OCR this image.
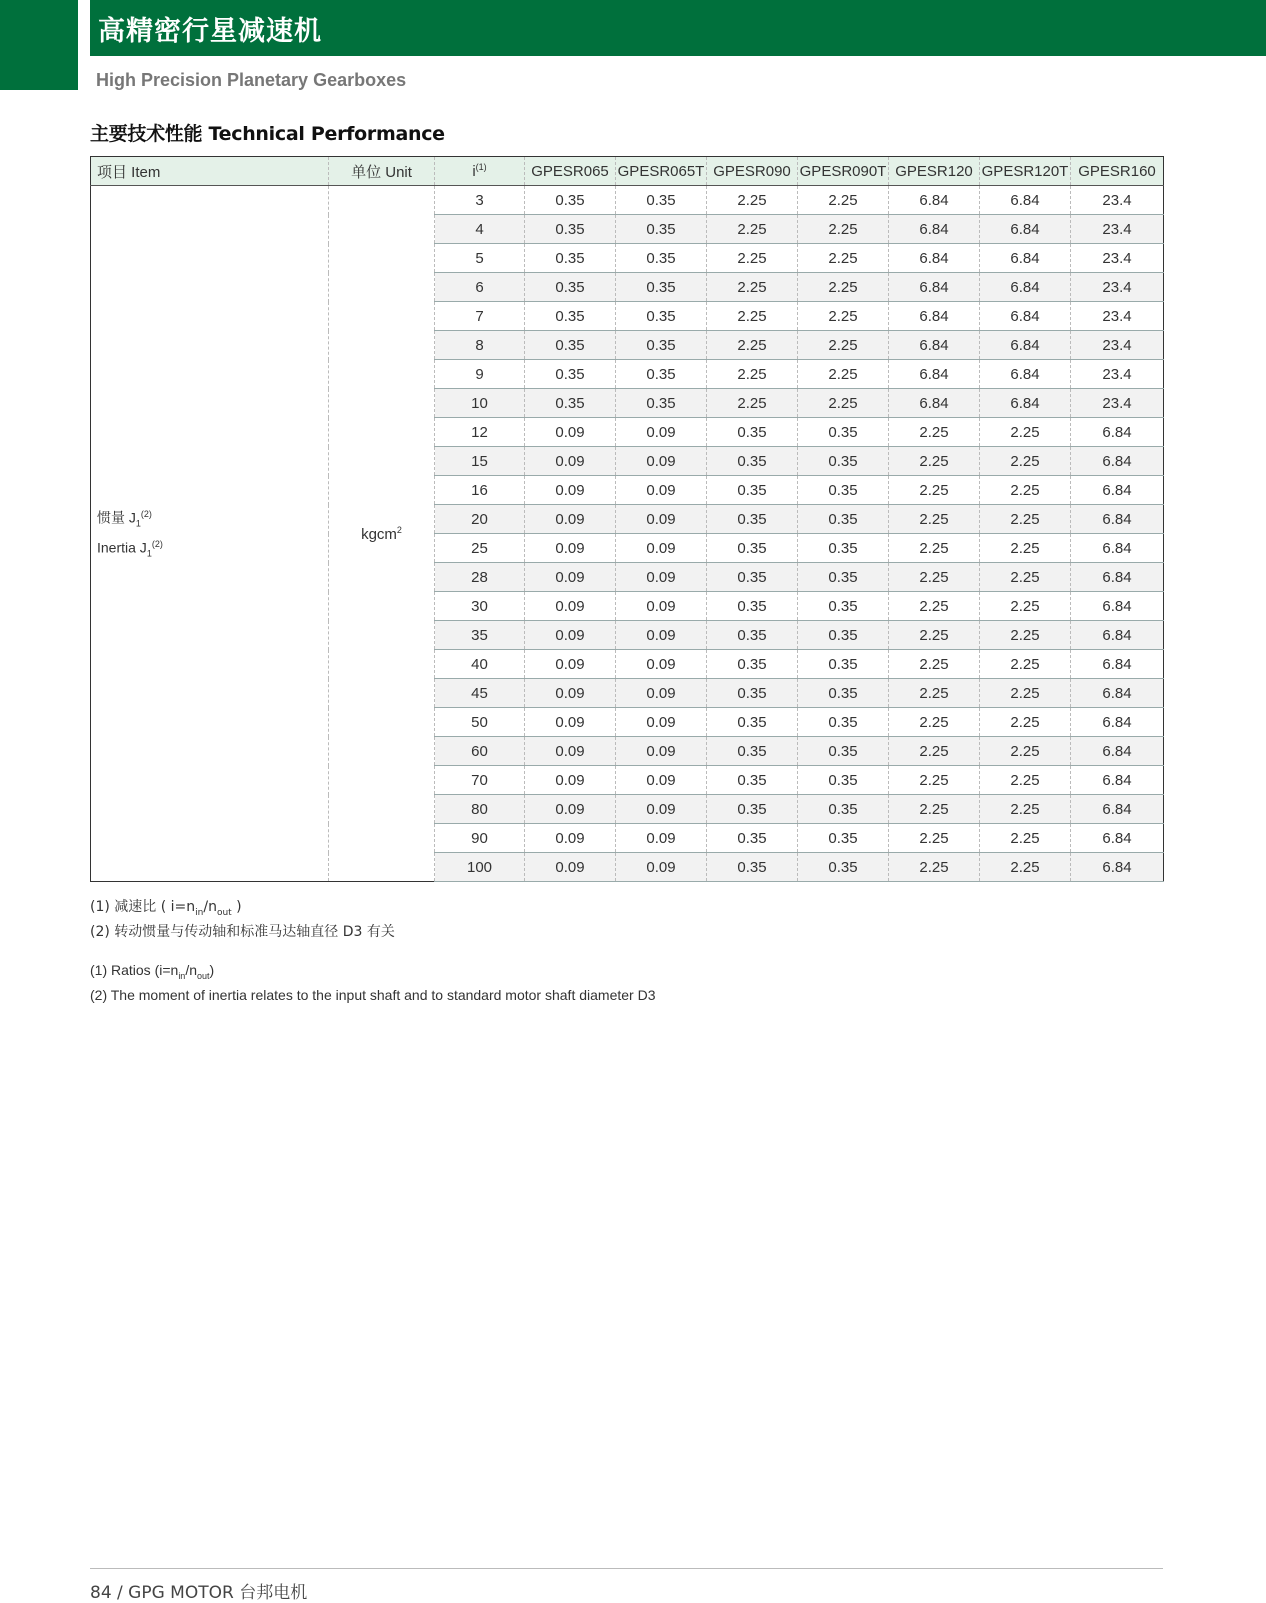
高精密行星减速机
High Precision Planetary Gearboxes
主要技术性能 Technical Performance
项目 Item	单位 Unit	$i^{(1)}$	GPESR065	GPESR065T	GPESR090	GPESR090T	GPESR120	GPESR120T	GPESR160

惯量 $J_1^{(2)}$
Inertia $J_1^{(2)}$	kgcm$^2$	3	0.35	0.35	2.25	2.25	6.84	6.84	23.4
		4	0.35	0.35	2.25	2.25	6.84	6.84	23.4
		5	0.35	0.35	2.25	2.25	6.84	6.84	23.4
		6	0.35	0.35	2.25	2.25	6.84	6.84	23.4
		7	0.35	0.35	2.25	2.25	6.84	6.84	23.4
		8	0.35	0.35	2.25	2.25	6.84	6.84	23.4
		9	0.35	0.35	2.25	2.25	6.84	6.84	23.4
		10	0.35	0.35	2.25	2.25	6.84	6.84	23.4
		12	0.09	0.09	0.35	0.35	2.25	2.25	6.84
		15	0.09	0.09	0.35	0.35	2.25	2.25	6.84
		16	0.09	0.09	0.35	0.35	2.25	2.25	6.84
		20	0.09	0.09	0.35	0.35	2.25	2.25	6.84
		25	0.09	0.09	0.35	0.35	2.25	2.25	6.84
		28	0.09	0.09	0.35	0.35	2.25	2.25	6.84
		30	0.09	0.09	0.35	0.35	2.25	2.25	6.84
		35	0.09	0.09	0.35	0.35	2.25	2.25	6.84
		40	0.09	0.09	0.35	0.35	2.25	2.25	6.84
		45	0.09	0.09	0.35	0.35	2.25	2.25	6.84
		50	0.09	0.09	0.35	0.35	2.25	2.25	6.84
		60	0.09	0.09	0.35	0.35	2.25	2.25	6.84
		70	0.09	0.09	0.35	0.35	2.25	2.25	6.84
		80	0.09	0.09	0.35	0.35	2.25	2.25	6.84
		90	0.09	0.09	0.35	0.35	2.25	2.25	6.84
		100	0.09	0.09	0.35	0.35	2.25	2.25	6.84
(1) 减速比 ( $i=n_{in}/n_{out}$ )
(2) 转动惯量与传动轴和标准马达轴直径 D3 有关
(1) Ratios $(i=n_{in}/n_{out})$
(2) The moment of inertia relates to the input shaft and to standard motor shaft diameter D3
84 / GPG MOTOR 台邦电机
